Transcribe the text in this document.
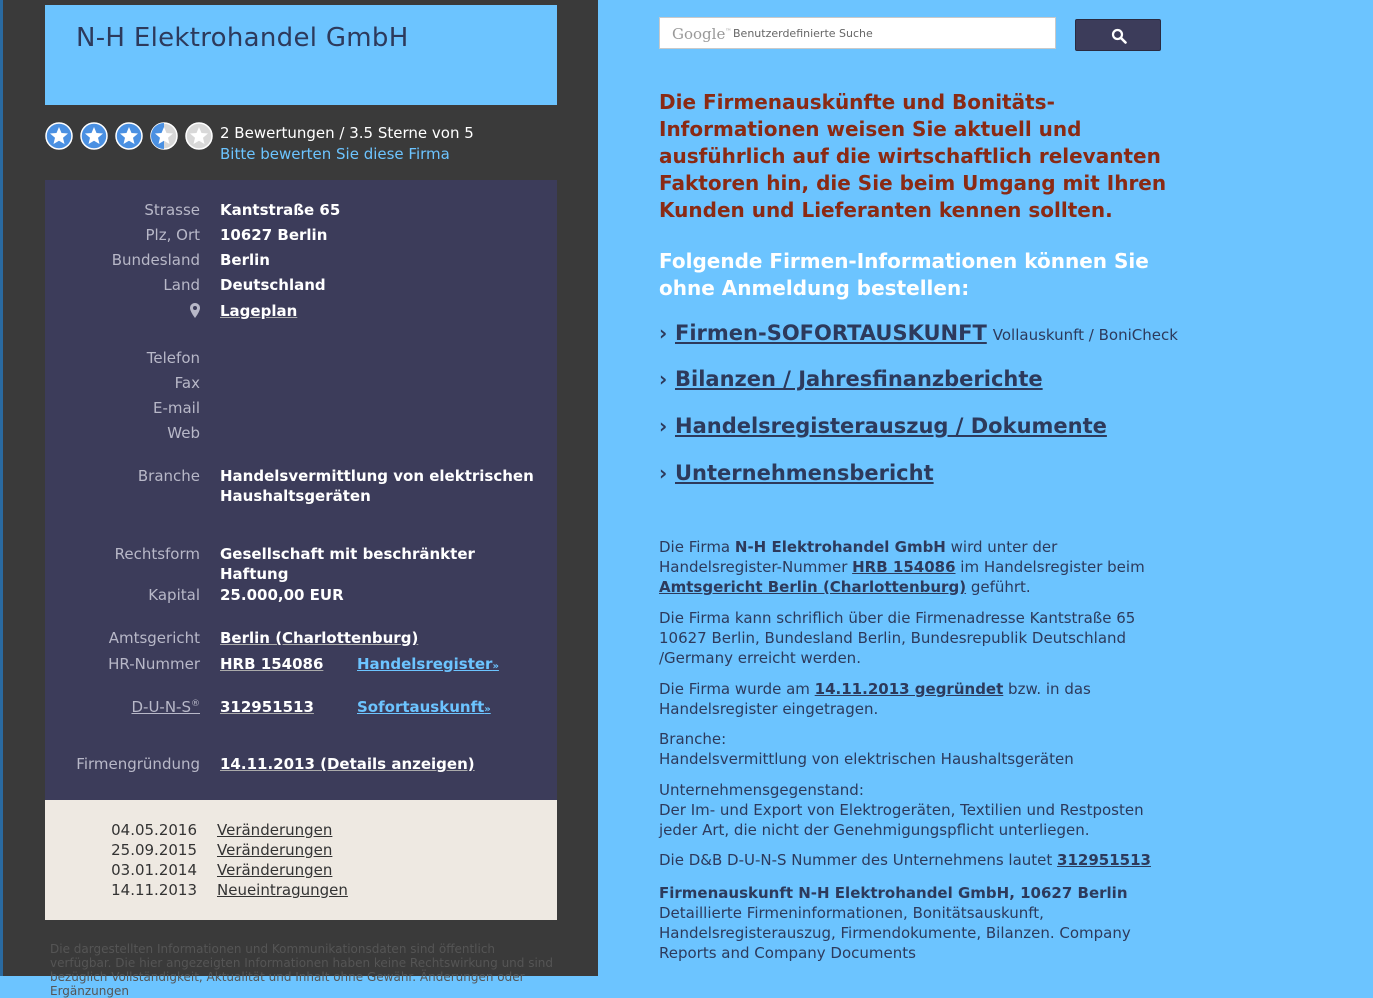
N-H Elektrohandel GmbH
2 Bewertungen / 3.5 Sterne von 5
Bitte bewerten Sie diese Firma
Strasse Kantstraße 65
Plz, Ort 10627 Berlin
Bundesland Berlin
Land Deutschland
Lageplan
Telefon
Fax
E-mail
Web
Branche Handelsvermittlung von elektrischen
Haushaltsgeräten
Rechtsform Gesellschaft mit beschränkter
Haftung
Kapital 25.000,00 EUR
Amtsgericht Berlin (Charlottenburg)
HR-Nummer HRB 154086 Handelsregister»
D-U-N-S® 312951513	Sofortauskunft»
Firmengründung 14.11.2013 (Details anzeigen)
04.05.2016 Veränderungen
25.09.2015 Veränderungen
03.01.2014 Veränderungen
14.11.2013 Neueintragungen
Die dargestellten Informationen und Kommunikationsdaten sind öffentlich verfügbar. Die hier angezeigten Informationen haben keine Rechtswirkung und sind bezüglich Vollständigkeit, Aktualität und Inhalt ohne Gewähr. Änderungen oder Ergänzungen
Google™ Benutzerdefinierte Suche

Die Firmenauskünfte und Bonitäts-Informationen weisen Sie aktuell und ausführlich auf die wirtschaftlich relevanten Faktoren hin, die Sie beim Umgang mit Ihren Kunden und Lieferanten kennen sollten.

Folgende Firmen-Informationen können Sie ohne Anmeldung bestellen:

› Firmen-SOFORTAUSKUNFT Vollauskunft / BoniCheck
› Bilanzen / Jahresfinanzberichte
› Handelsregisterauszug / Dokumente
› Unternehmensbericht

Die Firma N-H Elektrohandel GmbH wird unter der Handelsregister-Nummer HRB 154086 im Handelsregister beim Amtsgericht Berlin (Charlottenburg) geführt.

Die Firma kann schriflich über die Firmenadresse Kantstraße 65 10627 Berlin, Bundesland Berlin, Bundesrepublik Deutschland /Germany erreicht werden.

Die Firma wurde am 14.11.2013 gegründet bzw. in das Handelsregister eingetragen.

Branche:
Handelsvermittlung von elektrischen Haushaltsgeräten

Unternehmensgegenstand:
Der Im- und Export von Elektrogeräten, Textilien und Restposten jeder Art, die nicht der Genehmigungspflicht unterliegen.

Die D&B D-U-N-S Nummer des Unternehmens lautet 312951513

Firmenauskunft N-H Elektrohandel GmbH, 10627 Berlin
Detaillierte Firmeninformationen, Bonitätsauskunft, Handelsregisterauszug, Firmendokumente, Bilanzen. Company Reports and Company Documents
